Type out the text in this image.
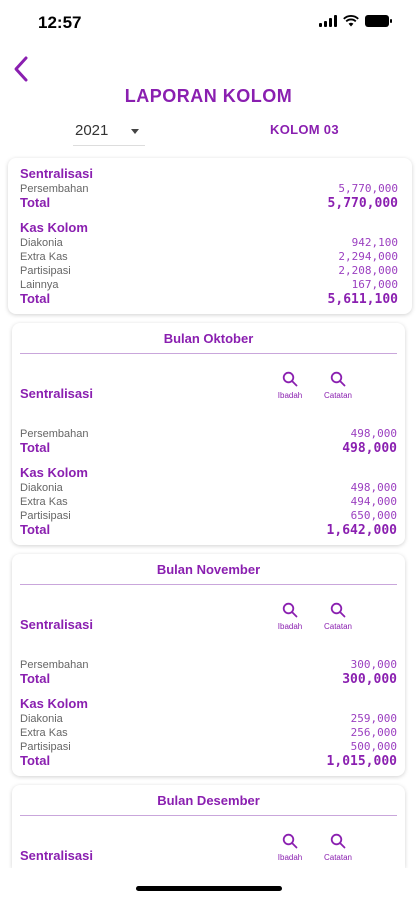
12:57
LAPORAN KOLOM
2021	KOLOM 03
Sentralisasi
Persembahan	5,770,000
Total	5,770,000
Kas Kolom
Diakonia	942,100
Extra Kas	2,294,000
Partisipasi	2,208,000
Lainnya	167,000
Total	5,611,100
Bulan Oktober
Sentralisasi	Ibadah	Catatan
Persembahan	498,000
Total	498,000
Kas Kolom
Diakonia	498,000
Extra Kas	494,000
Partisipasi	650,000
Total	1,642,000
Bulan November
Sentralisasi	Ibadah	Catatan
Persembahan	300,000
Total	300,000
Kas Kolom
Diakonia	259,000
Extra Kas	256,000
Partisipasi	500,000
Total	1,015,000
Bulan Desember
Sentralisasi	Ibadah	Catatan
